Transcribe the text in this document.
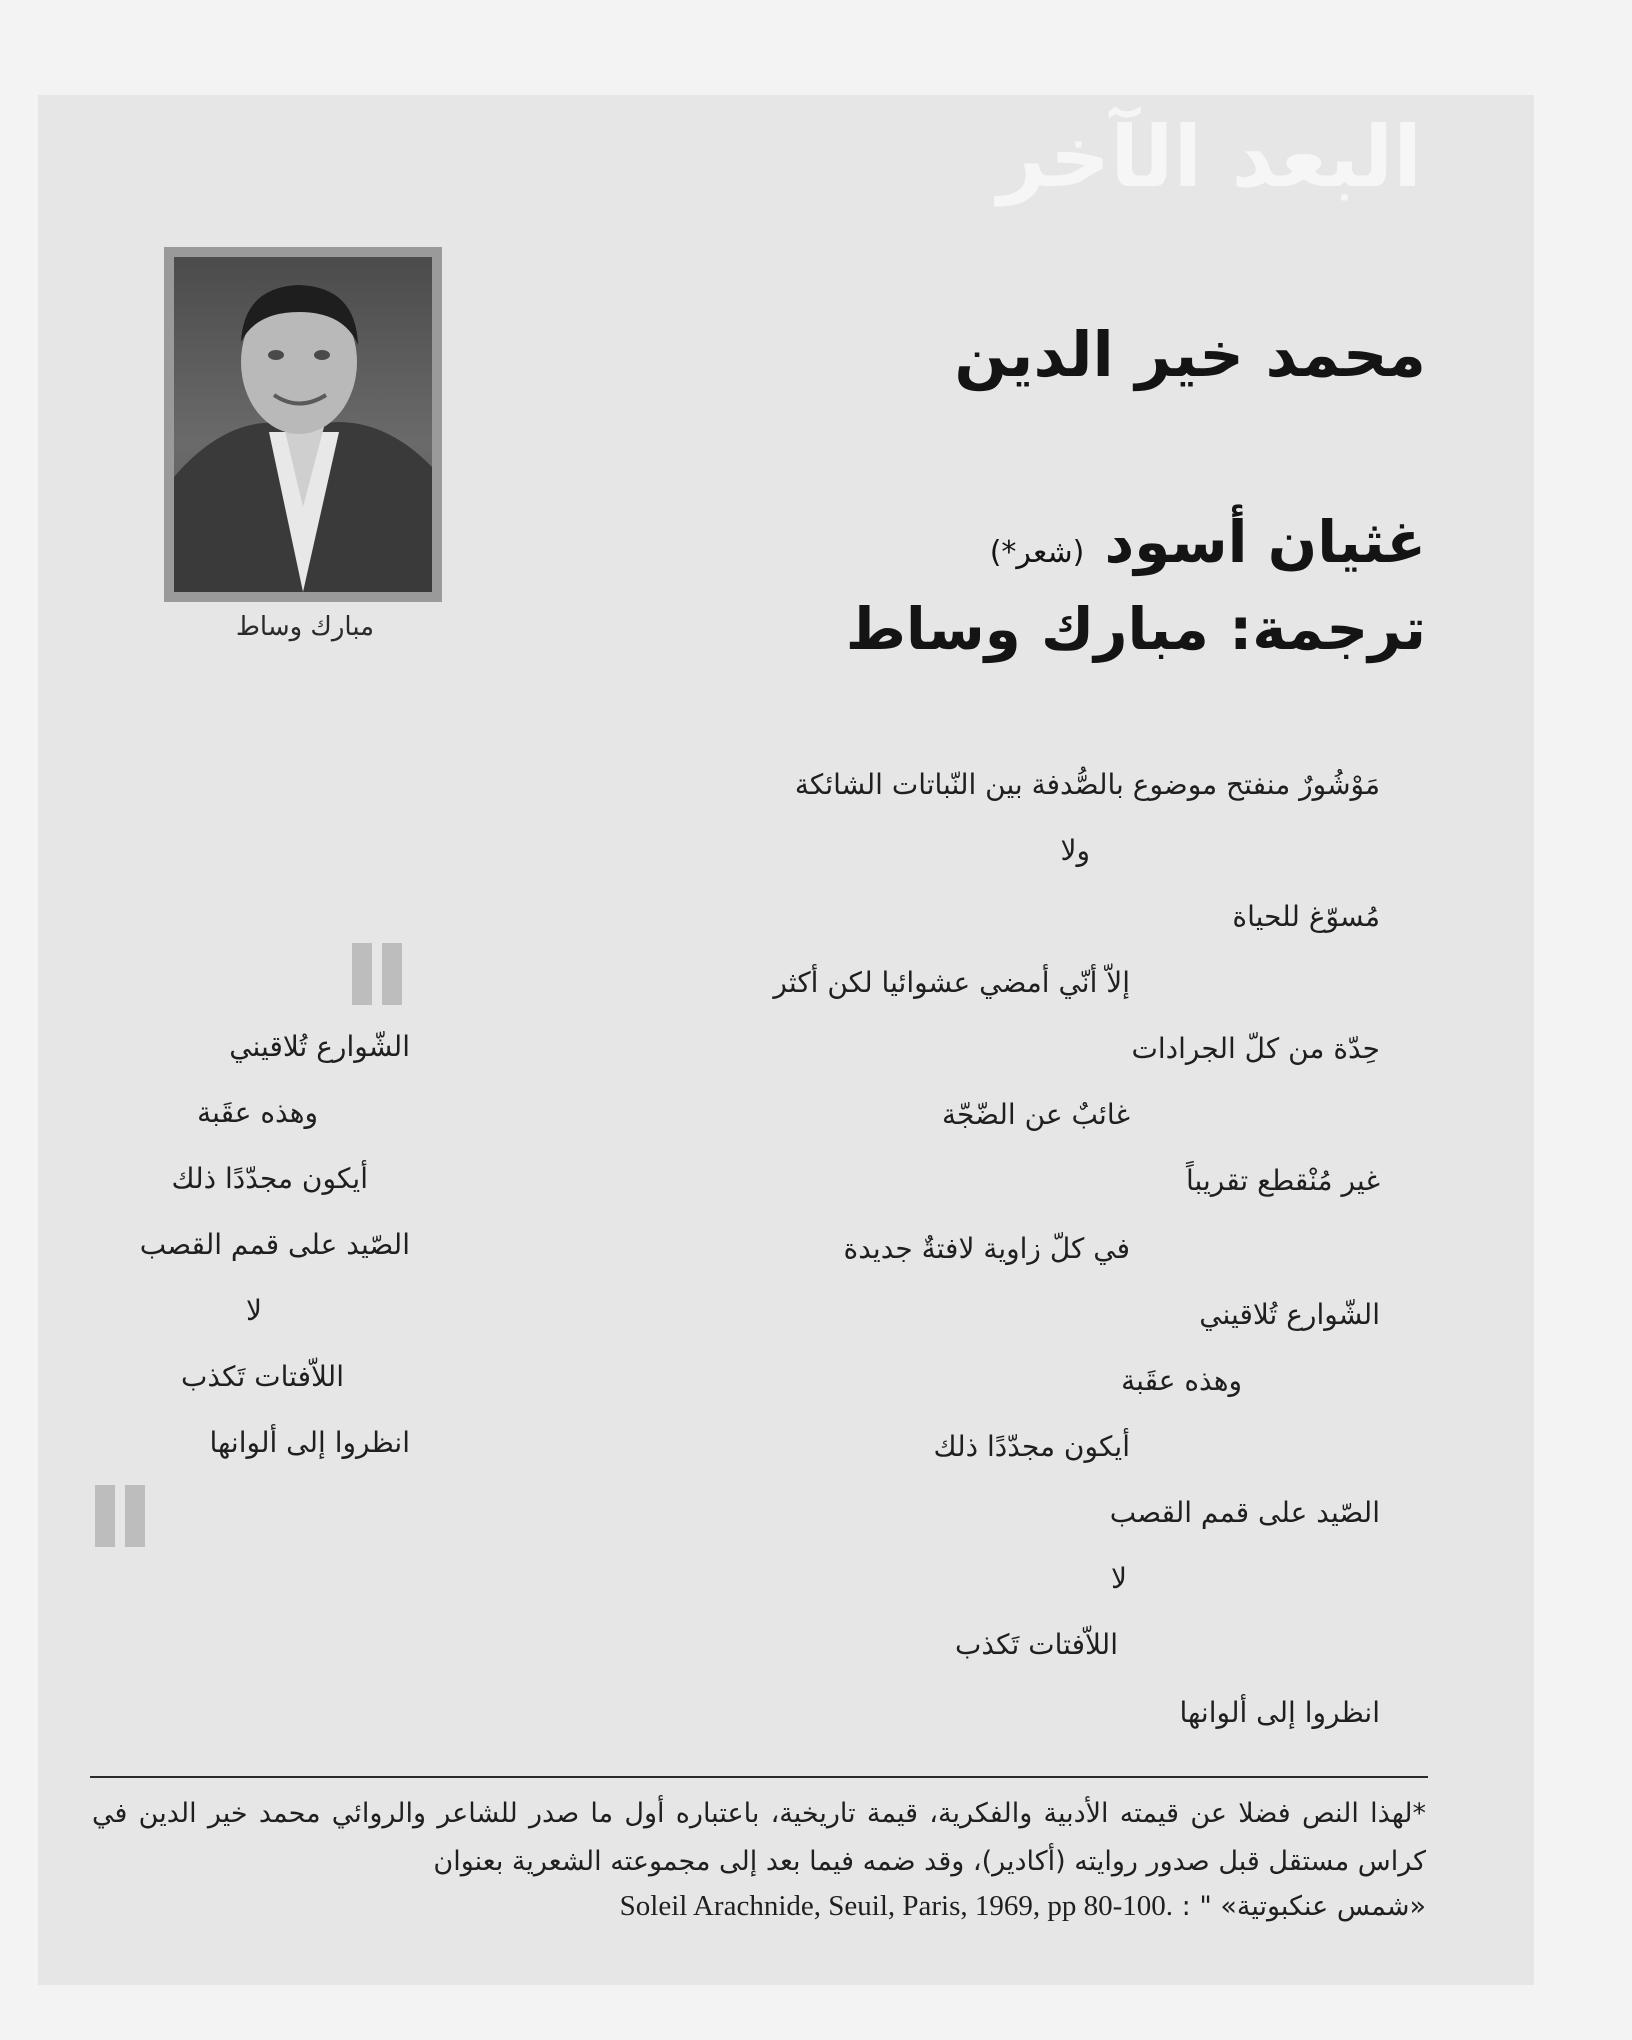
البعد الآخر
محمد خير الدين
غثيان أسود (شعر*)
ترجمة: مبارك وساط
مبارك وساط
مَوْشُورٌ منفتح موضوع بالصُّدفة بين النّباتات الشائكة
ولا
مُسوّغ للحياة
إلاّ أنّي أمضي عشوائيا لكن أكثر
حِدّة من كلّ الجرادات
غائبٌ عن الضّجّة
غير مُنْقطع تقريباً
في كلّ زاوية لافتةٌ جديدة
الشّوارع تُلاقيني
وهذه عقَبة
أيكون مجدّدًا ذلك
الصّيد على قمم القصب
لا
اللاّفتات تَكذب
انظروا إلى ألوانها
الشّوارع تُلاقيني
وهذه عقَبة
أيكون مجدّدًا ذلك
الصّيد على قمم القصب
لا
اللاّفتات تَكذب
انظروا إلى ألوانها
*لهذا النص فضلا عن قيمته الأدبية والفكرية، قيمة تاريخية، باعتباره أول ما صدر للشاعر والروائي محمد خير الدين في كراس مستقل قبل صدور روايته (أكادير)، وقد ضمه فيما بعد إلى مجموعته الشعرية بعنوان
«شمس عنكبوتية» " : Soleil Arachnide, Seuil, Paris, 1969, pp 80-100.
